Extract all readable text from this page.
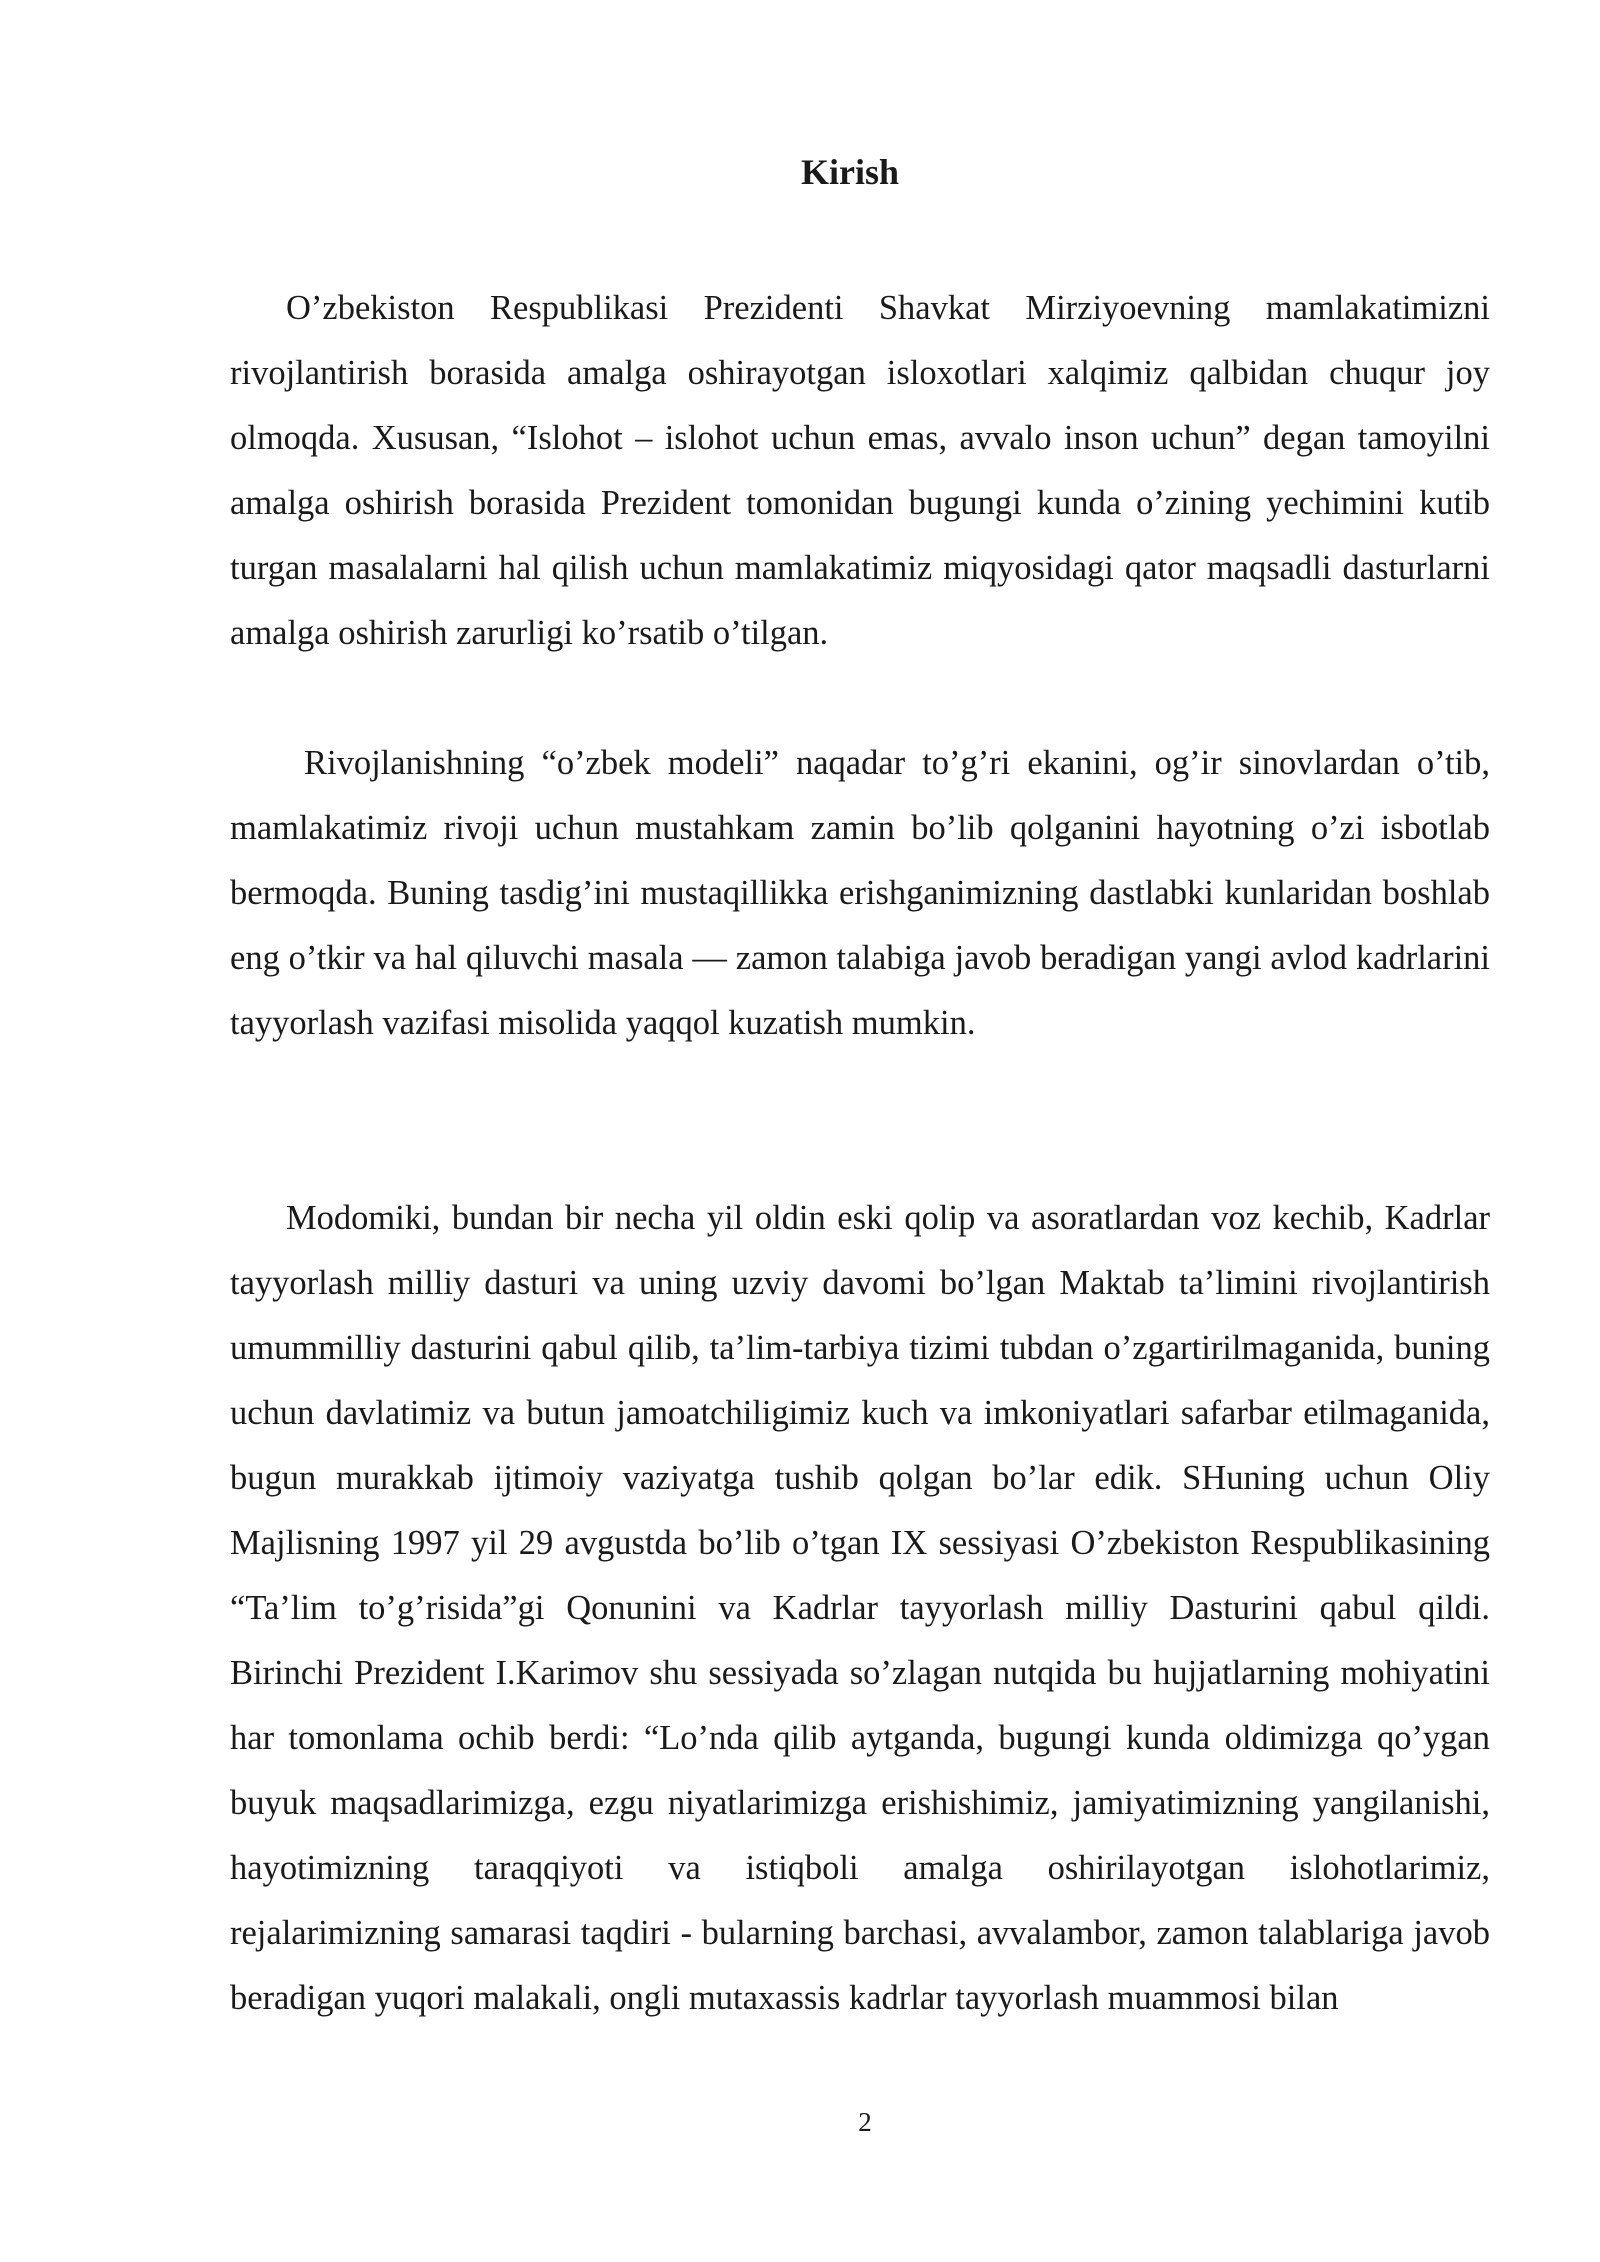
Kirish

O’zbekiston Respublikasi Prezidenti Shavkat Mirziyoevning mamlakatimizni rivojlantirish borasida amalga oshirayotgan isloxotlari xalqimiz qalbidan chuqur joy olmoqda. Xususan, “Islohot – islohot uchun emas, avvalo inson uchun” degan tamoyilni amalga oshirish borasida Prezident tomonidan bugungi kunda o’zining yechimini kutib turgan masalalarni hal qilish uchun mamlakatimiz miqyosidagi qator maqsadli dasturlarni amalga oshirish zarurligi ko’rsatib o’tilgan.

Rivojlanishning “o’zbek modeli” naqadar to’g’ri ekanini, og’ir sinovlardan o’tib, mamlakatimiz rivoji uchun mustahkam zamin bo’lib qolganini hayotning o’zi isbotlab bermoqda. Buning tasdig’ini mustaqillikka erishganimizning dastlabki kunlaridan boshlab eng o’tkir va hal qiluvchi masala — zamon talabiga javob beradigan yangi avlod kadrlarini tayyorlash vazifasi misolida yaqqol kuzatish mumkin.

Modomiki, bundan bir necha yil oldin eski qolip va asoratlardan voz kechib, Kadrlar tayyorlash milliy dasturi va uning uzviy davomi bo’lgan Maktab ta’limini rivojlantirish umummilliy dasturini qabul qilib, ta’lim-tarbiya tizimi tubdan o’zgartirilmaganida, buning uchun davlatimiz va butun jamoatchiligimiz kuch va imkoniyatlari safarbar etilmaganida, bugun murakkab ijtimoiy vaziyatga tushib qolgan bo’lar edik. SHuning uchun Oliy Majlisning 1997 yil 29 avgustda bo’lib o’tgan IX sessiyasi O’zbekiston Respublikasining “Ta’lim to’g’risida”gi Qonunini va Kadrlar tayyorlash milliy Dasturini qabul qildi. Birinchi Prezident I.Karimov shu sessiyada so’zlagan nutqida bu hujjatlarning mohiyatini har tomonlama ochib berdi: “Lo’nda qilib aytganda, bugungi kunda oldimizga qo’ygan buyuk maqsadlarimizga, ezgu niyatlarimizga erishishimiz, jamiyatimizning yangilanishi, hayotimizning taraqqiyoti va istiqboli amalga oshirilayotgan islohotlarimiz, rejalarimizning samarasi taqdiri - bularning barchasi, avvalambor, zamon talablariga javob beradigan yuqori malakali, ongli mutaxassis kadrlar tayyorlash muammosi bilan

2
